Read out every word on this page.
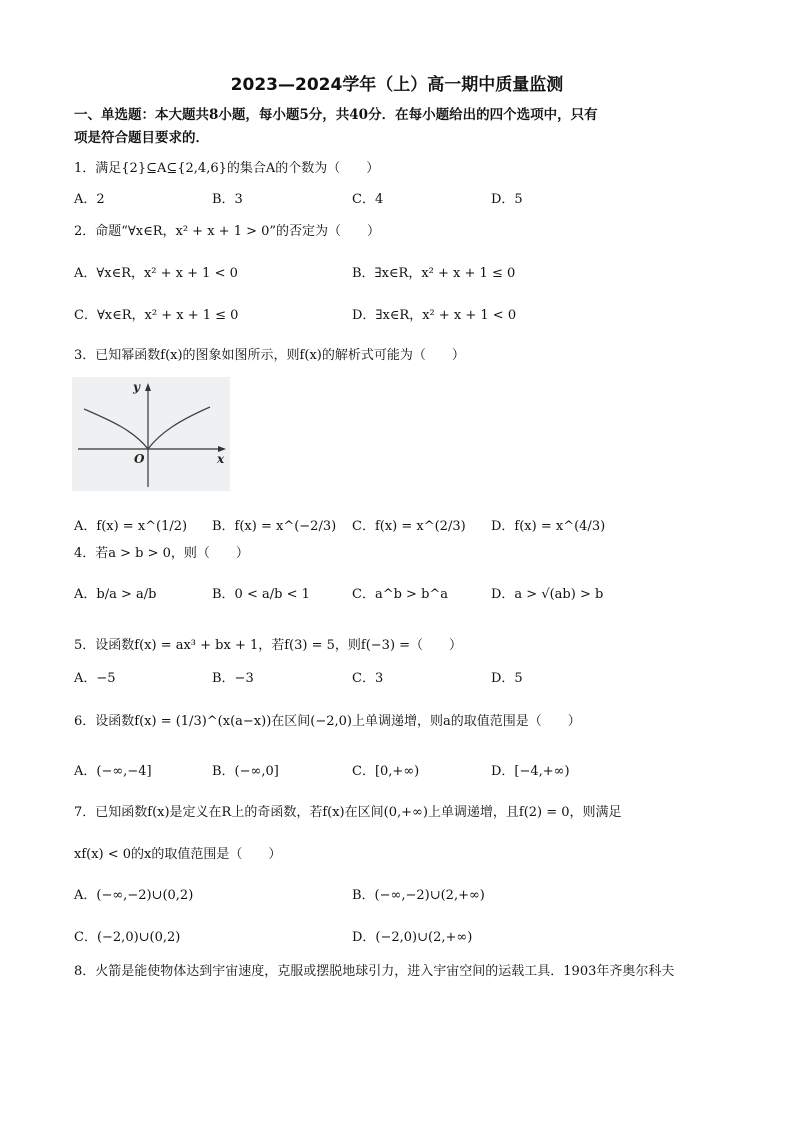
2023—2024学年（上）高一期中质量监测
一、单选题：本大题共8小题，每小题5分，共40分．在每小题给出的四个选项中，只有
项是符合题目要求的．
1．满足{2}⊆A⊆{2,4,6}的集合A的个数为（　　）
A．2	B．3	C．4	D．5
2．命题“∀x∈R，x² + x + 1 > 0”的否定为（　　）
A．∀x∈R，x² + x + 1 < 0	B．∃x∈R，x² + x + 1 ≤ 0
C．∀x∈R，x² + x + 1 ≤ 0	D．∃x∈R，x² + x + 1 < 0
3．已知幂函数f(x)的图象如图所示，则f(x)的解析式可能为（　　）
y
x
O
A．f(x) = x^(1/2) B．f(x) = x^(−2/3) C．f(x) = x^(2/3) D．f(x) = x^(4/3)
4．若a > b > 0，则（　　）
A．b/a > a/b	B．0 < a/b < 1	C．a^b > b^a	D．a > √(ab) > b
5．设函数f(x) = ax³ + bx + 1，若f(3) = 5，则f(−3) =（　　）
A．−5	B．−3	C．3	D．5
6．设函数f(x) = (1/3)^(x(a−x))在区间(−2,0)上单调递增，则a的取值范围是（　　）
A．(−∞,−4]	B．(−∞,0]	C．[0,+∞)	D．[−4,+∞)
7．已知函数f(x)是定义在R上的奇函数，若f(x)在区间(0,+∞)上单调递增，且f(2) = 0，则满足
xf(x) < 0的x的取值范围是（　　）
A．(−∞,−2)∪(0,2)	B．(−∞,−2)∪(2,+∞)
C．(−2,0)∪(0,2)	D．(−2,0)∪(2,+∞)
8．火箭是能使物体达到宇宙速度，克服或摆脱地球引力，进入宇宙空间的运载工具．1903年齐奥尔科夫
